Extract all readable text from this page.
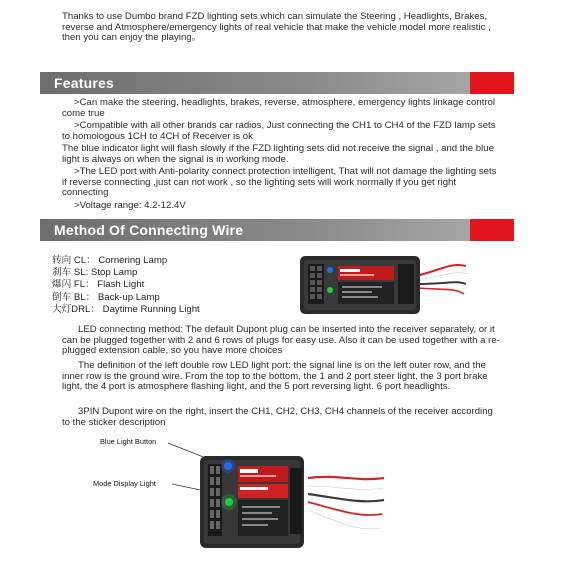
Thanks to use Dumbo brand FZD lighting sets which can simulate the Steering , Headlights, Brakes, reverse and Atmosphere/emergency lights of real vehicle that make the vehicle model more realistic , then you can enjoy the playing。

Features

>Can make the steering, headlights, brakes, reverse, atmosphere, emergency lights linkage control come true

>Compatible with all other brands car radios, Just connecting the CH1 to CH4 of the FZD lamp sets to homologous 1CH to 4CH of Receiver is ok

The blue indicator light will flash slowly if the FZD lighting sets did not receive the signal , and the blue light is always on when the signal is in working mode.

>The LED port with Anti-polarity connect protection intelligent, That will not damage the lighting sets if reverse connecting ,just can not work , so the lighting sets will work normally if you get right connecting

>Voltage range: 4.2-12.4V

Method Of Connecting Wire
转向 CL： Cornering Lamp
刹车 SL: Stop Lamp
爆闪 FL： Flash Light
倒车 BL： Back-up Lamp
大灯DRL： Daytime Running Light

LED connecting method: The default Dupont plug can be inserted into the receiver separately, or it can be plugged together with 2 and 6 rows of plugs for easy use. Also it can be used together with a re-plugged extension cable, so you have more choices

The definition of the left double row LED light port: the signal line is on the left outer row, and the inner row is the ground wire. From the top to the bottom, the 1 and 2 port steer light, the 3 port brake light, the 4 port is atmosphere flashing light, and the 5 port reversing light. 6 port headlights.

3PIN Dupont wire on the right, insert the CH1, CH2, CH3, CH4 channels of the receiver according to the sticker description

Blue Light Button
Mode Display Light
